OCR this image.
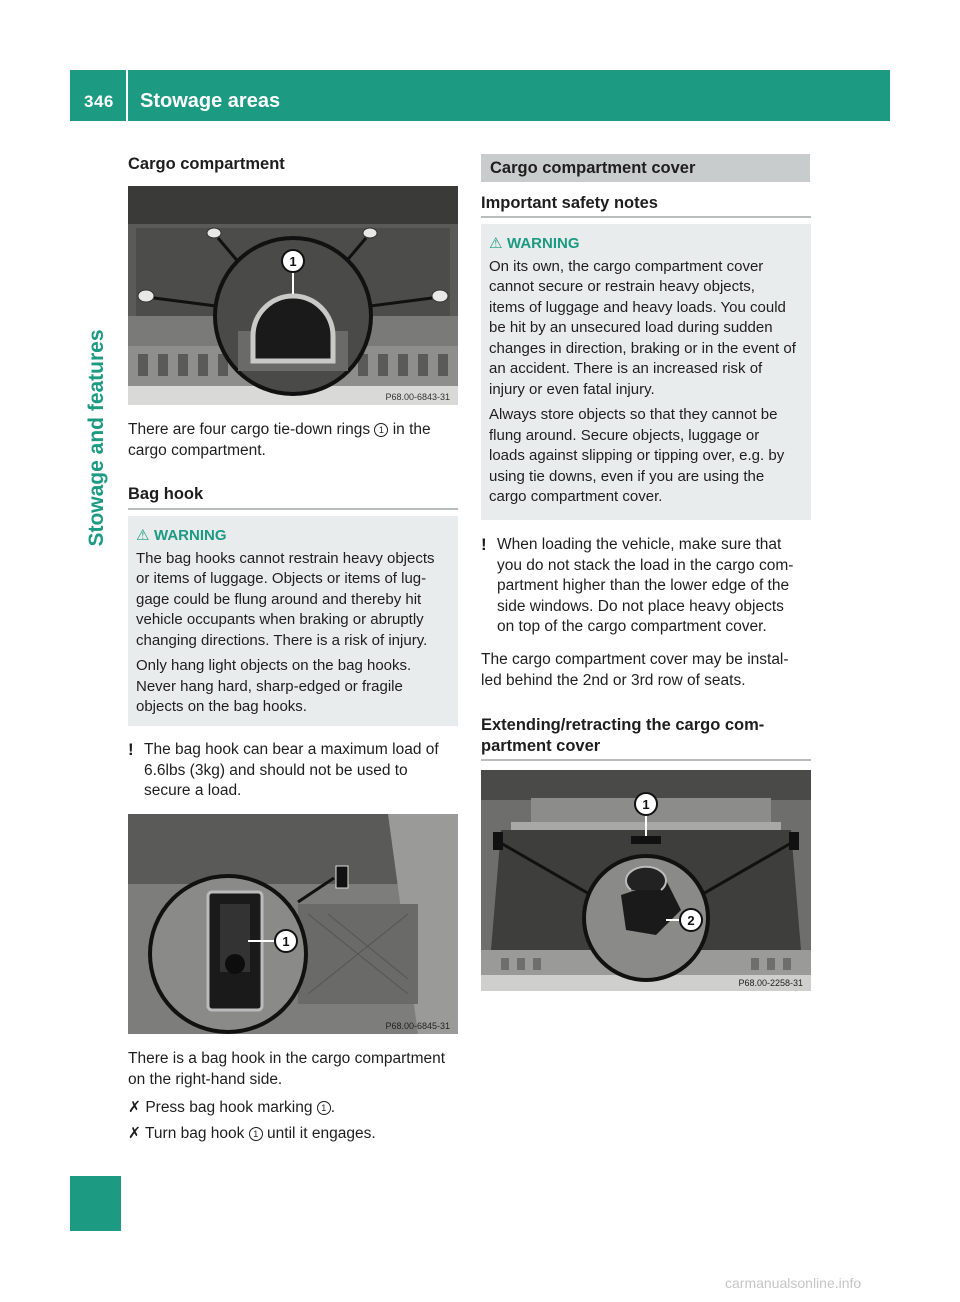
346 Stowage areas
Stowage and features
Cargo compartment
1
P68.00-6843-31
There are four cargo tie-down rings 1 in the
cargo compartment.
Bag hook
⚠ WARNING
The bag hooks cannot restrain heavy objects
or items of luggage. Objects or items of lug-
gage could be flung around and thereby hit
vehicle occupants when braking or abruptly
changing directions. There is a risk of injury.
Only hang light objects on the bag hooks.
Never hang hard, sharp-edged or fragile
objects on the bag hooks.
! The bag hook can bear a maximum load of
6.6lbs (3kg) and should not be used to
secure a load.
1
P68.00-6845-31
There is a bag hook in the cargo compartment
on the right-hand side.
✗ Press bag hook marking 1 .
✗ Turn bag hook 1 until it engages.
Cargo compartment cover
Important safety notes
⚠ WARNING
On its own, the cargo compartment cover
cannot secure or restrain heavy objects,
items of luggage and heavy loads. You could
be hit by an unsecured load during sudden
changes in direction, braking or in the event of
an accident. There is an increased risk of
injury or even fatal injury.
Always store objects so that they cannot be
flung around. Secure objects, luggage or
loads against slipping or tipping over, e.g. by
using tie downs, even if you are using the
cargo compartment cover.
! When loading the vehicle, make sure that
you do not stack the load in the cargo com-
partment higher than the lower edge of the
side windows. Do not place heavy objects
on top of the cargo compartment cover.
The cargo compartment cover may be instal-
led behind the 2nd or 3rd row of seats.
Extending/retracting the cargo com-
partment cover
1
2
P68.00-2258-31
carmanualsonline.info
